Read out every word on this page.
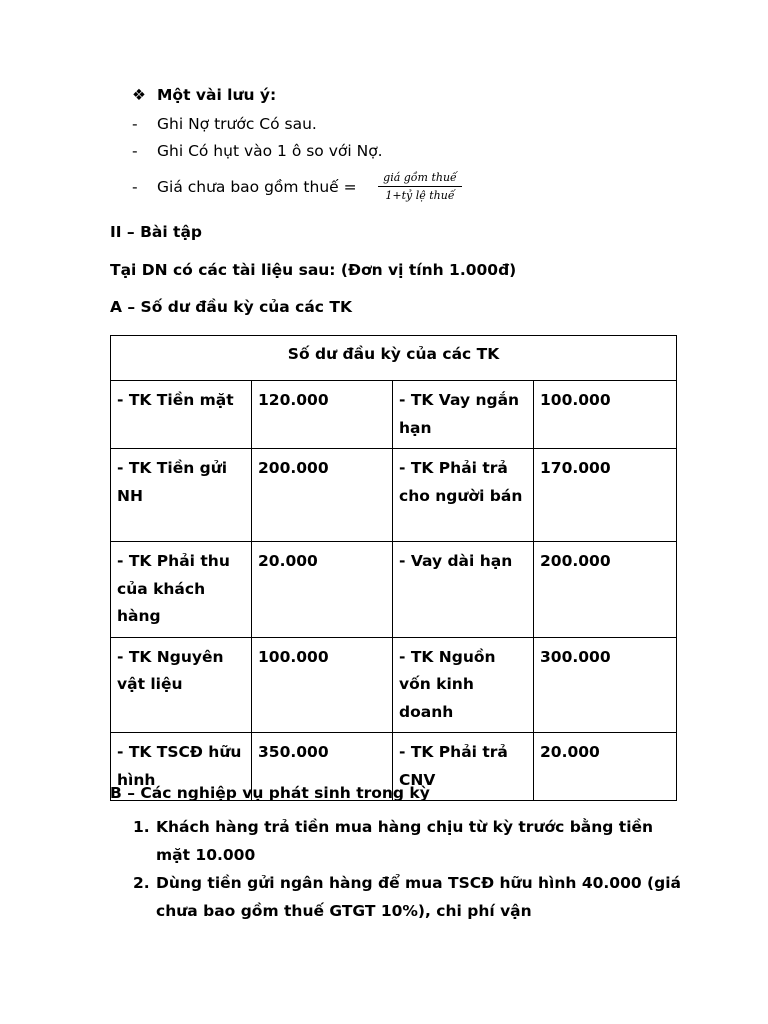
❖ Một vài lưu ý:
- Ghi Nợ trước Có sau.
- Ghi Có hụt vào 1 ô so với Nợ.
- Giá chưa bao gồm thuế =
giá gồm thuế
1+tỷ lệ thuế
II – Bài tập
Tại DN có các tài liệu sau: (Đơn vị tính 1.000đ)
A – Số dư đầu kỳ của các TK
Số dư đầu kỳ của các TK			
- TK Tiền mặt	120.000	- TK Vay ngắn hạn	100.000
- TK Tiền gửi NH	200.000	- TK Phải trả cho người bán	170.000
- TK Phải thu của khách hàng	20.000	- Vay dài hạn	200.000
- TK Nguyên vật liệu	100.000	- TK Nguồn vốn kinh doanh	300.000
- TK TSCĐ hữu hình	350.000	- TK Phải trả CNV	20.000
B – Các nghiệp vụ phát sinh trong kỳ
1. Khách hàng trả tiền mua hàng chịu từ kỳ trước bằng tiền mặt 10.000
2. Dùng tiền gửi ngân hàng để mua TSCĐ hữu hình 40.000 (giá chưa bao gồm thuế GTGT 10%), chi phí vận
